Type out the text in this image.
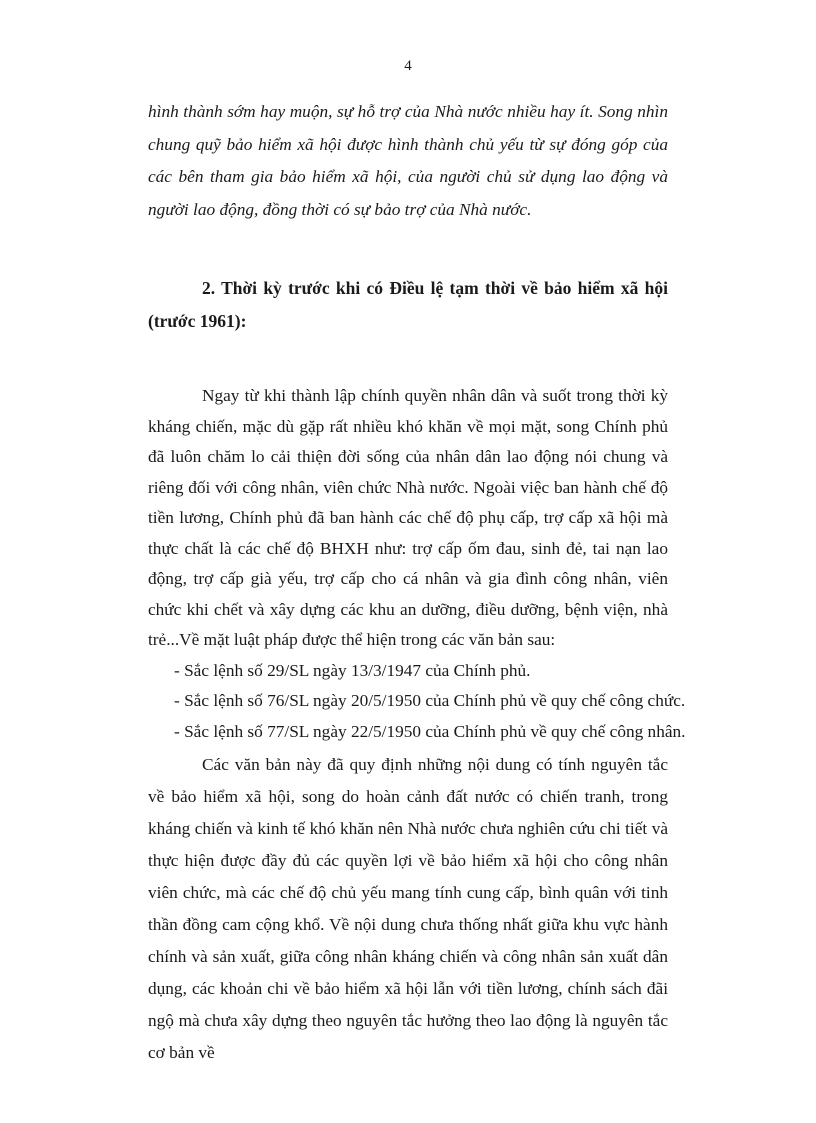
4

hình thành sớm hay muộn, sự hỗ trợ của Nhà nước nhiều hay ít. Song nhìn chung quỹ bảo hiểm xã hội được hình thành chủ yếu từ sự đóng góp của các bên tham gia bảo hiểm xã hội, của người chủ sử dụng lao động và người lao động, đồng thời có sự bảo trợ của Nhà nước.

2. Thời kỳ trước khi có Điều lệ tạm thời về bảo hiểm xã hội (trước 1961):

Ngay từ khi thành lập chính quyền nhân dân và suốt trong thời kỳ kháng chiến, mặc dù gặp rất nhiều khó khăn về mọi mặt, song Chính phủ đã luôn chăm lo cải thiện đời sống của nhân dân lao động nói chung và riêng đối với công nhân, viên chức Nhà nước. Ngoài việc ban hành chế độ tiền lương, Chính phủ đã ban hành các chế độ phụ cấp, trợ cấp xã hội mà thực chất là các chế độ BHXH như: trợ cấp ốm đau, sinh đẻ, tai nạn lao động, trợ cấp già yếu, trợ cấp cho cá nhân và gia đình công nhân, viên chức khi chết và xây dựng các khu an dưỡng, điều dưỡng, bệnh viện, nhà trẻ...Về mặt luật pháp được thể hiện trong các văn bản sau:

- Sắc lệnh số 29/SL ngày 13/3/1947 của Chính phủ.
- Sắc lệnh số 76/SL ngày 20/5/1950 của Chính phủ về quy chế công chức.
- Sắc lệnh số 77/SL ngày 22/5/1950 của Chính phủ về quy chế công nhân.

Các văn bản này đã quy định những nội dung có tính nguyên tắc về bảo hiểm xã hội, song do hoàn cảnh đất nước có chiến tranh, trong kháng chiến và kinh tế khó khăn nên Nhà nước chưa nghiên cứu chi tiết và thực hiện được đầy đủ các quyền lợi về bảo hiểm xã hội cho công nhân viên chức, mà các chế độ chủ yếu mang tính cung cấp, bình quân với tinh thần đồng cam cộng khổ. Về nội dung chưa thống nhất giữa khu vực hành chính và sản xuất, giữa công nhân kháng chiến và công nhân sản xuất dân dụng, các khoản chi về bảo hiểm xã hội lẫn với tiền lương, chính sách đãi ngộ mà chưa xây dựng theo nguyên tắc hưởng theo lao động là nguyên tắc cơ bản về
